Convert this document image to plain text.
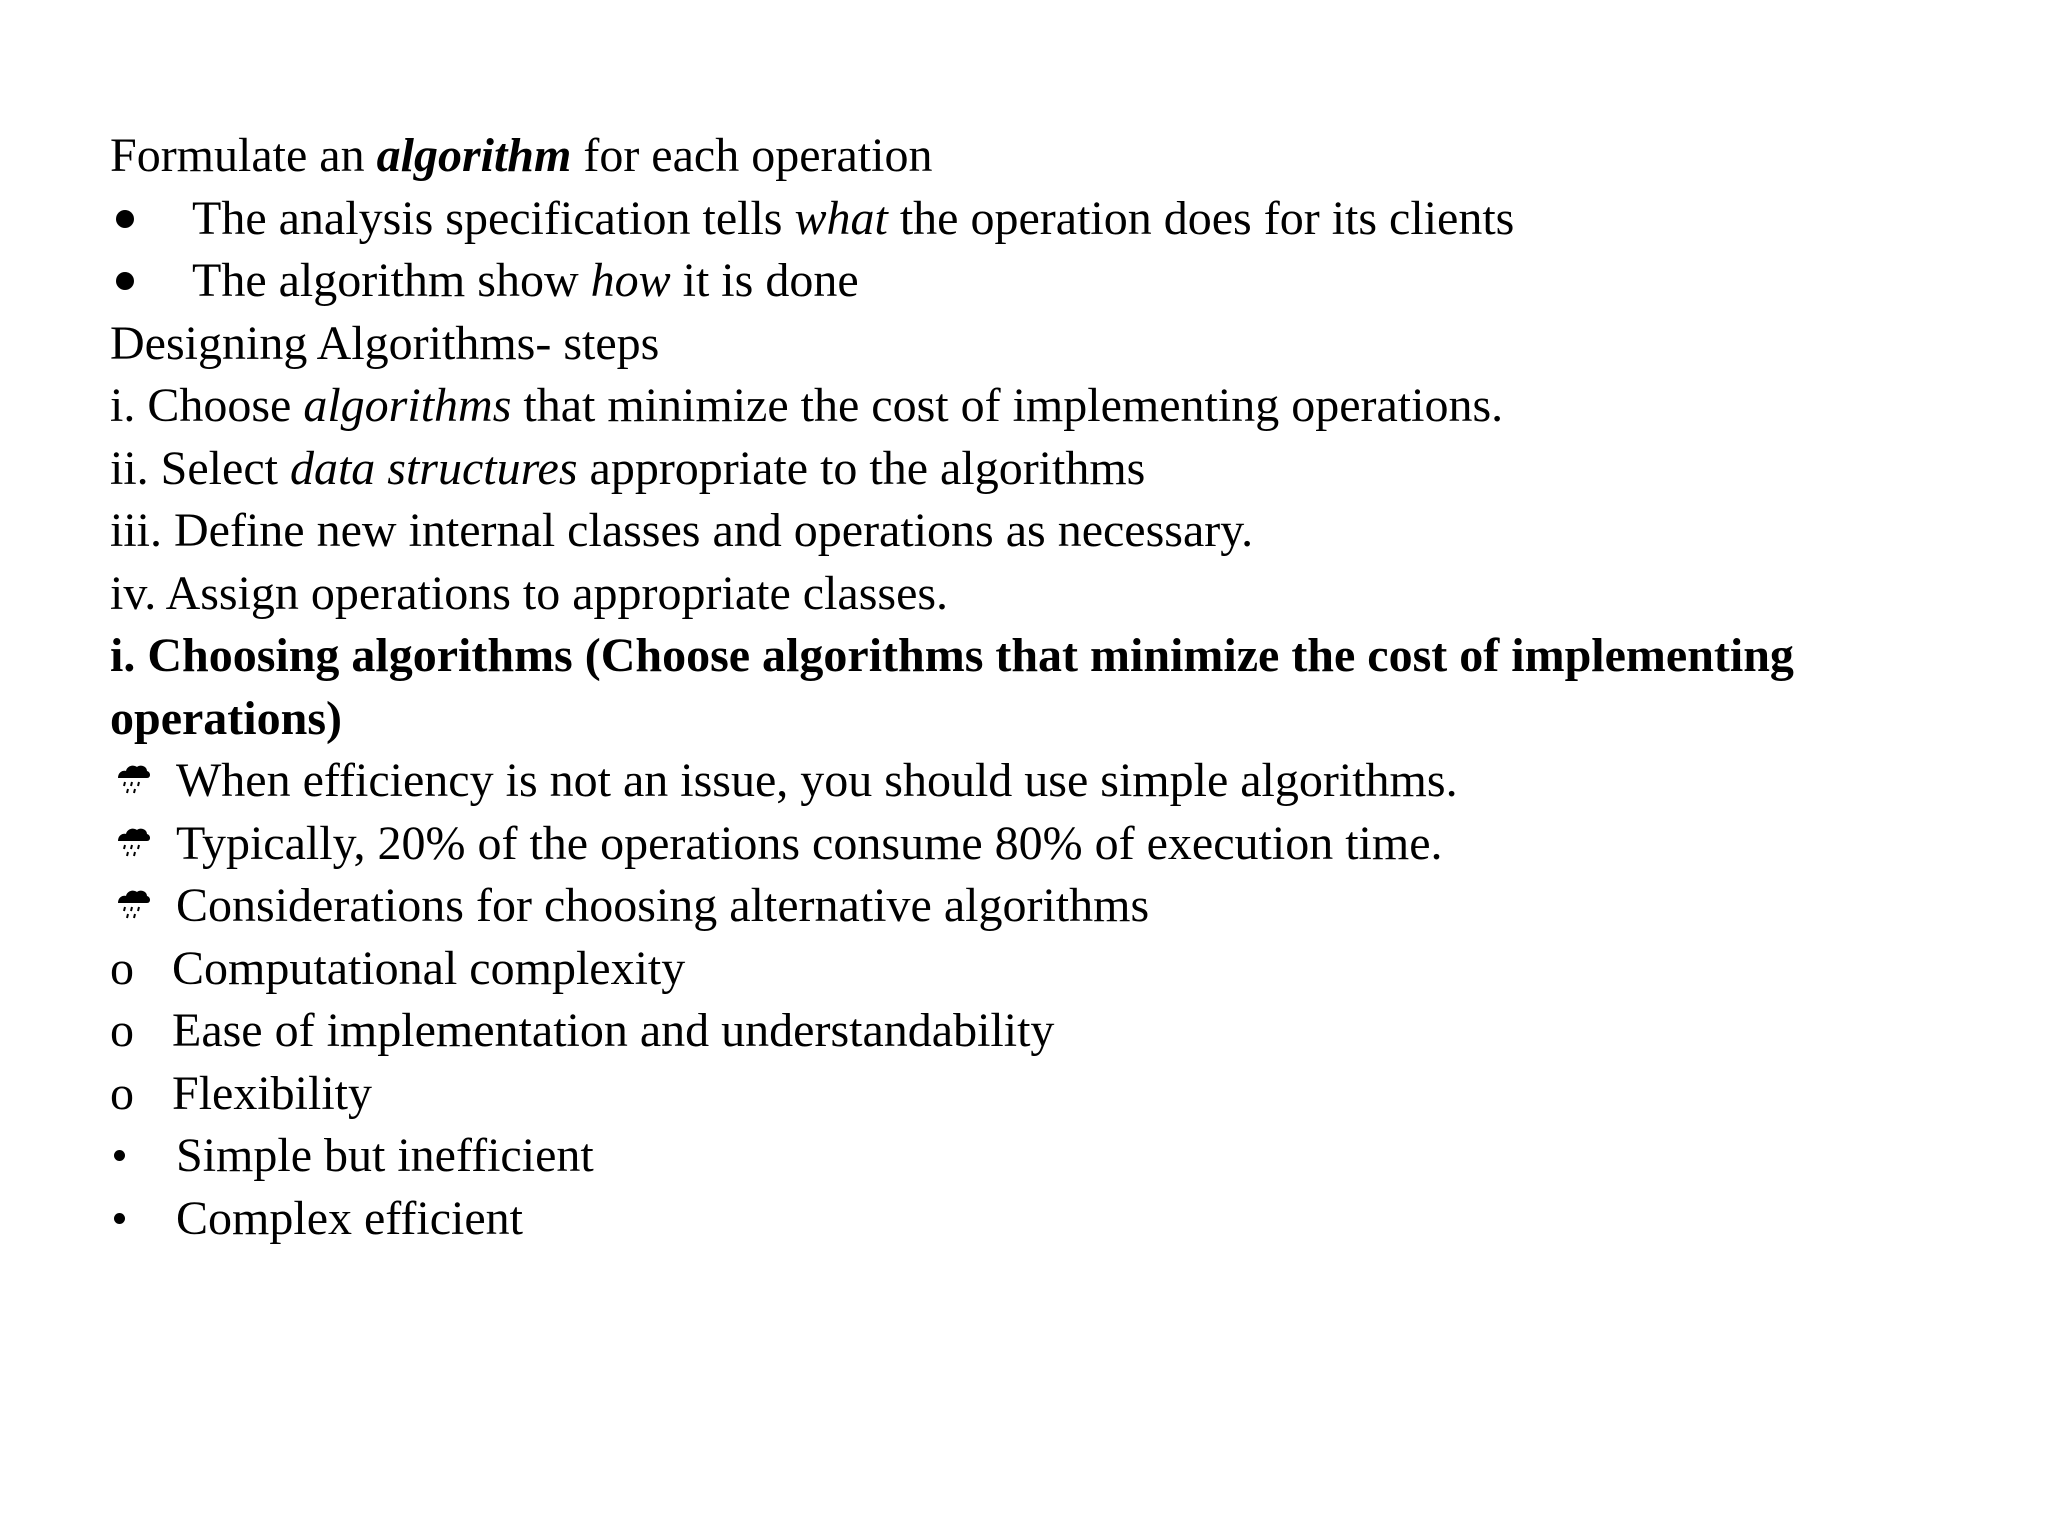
Formulate an algorithm for each operation
The analysis specification tells what the operation does for its clients
The algorithm show how it is done
Designing Algorithms- steps
i. Choose algorithms that minimize the cost of implementing operations.
ii. Select data structures appropriate to the algorithms
iii. Define new internal classes and operations as necessary.
iv. Assign operations to appropriate classes.
i. Choosing algorithms (Choose algorithms that minimize the cost of implementing operations)
When efficiency is not an issue, you should use simple algorithms.
Typically, 20% of the operations consume 80% of execution time.
Considerations for choosing alternative algorithms
o Computational complexity
o Ease of implementation and understandability
o Flexibility
Simple but inefficient
Complex efficient
